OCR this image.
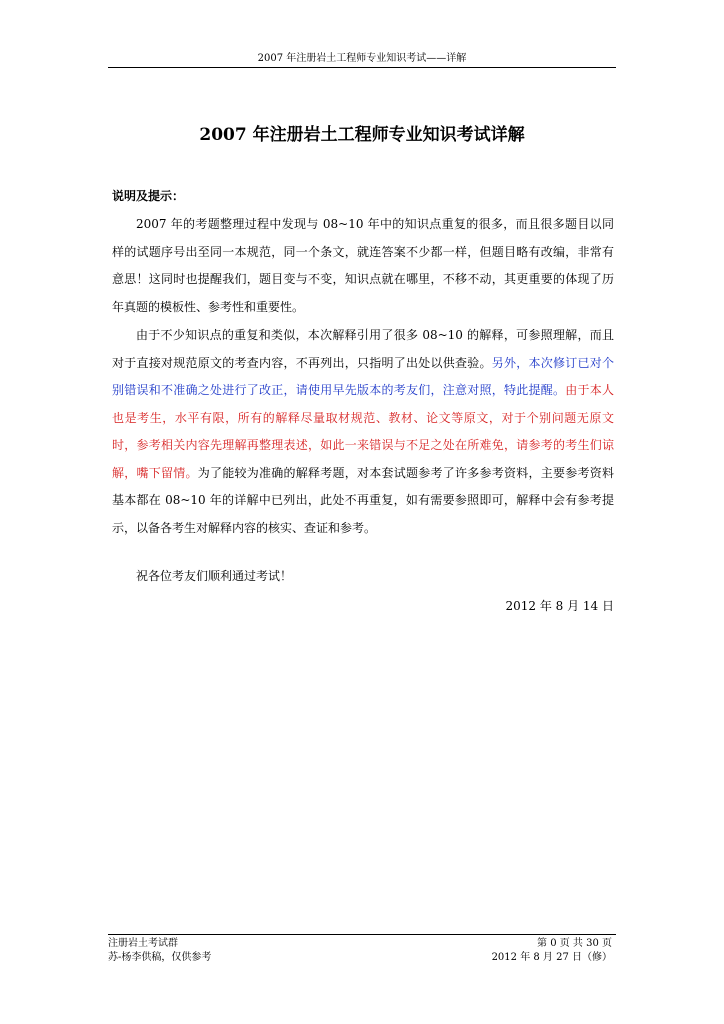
2007 年注册岩土工程师专业知识考试——详解
2007 年注册岩土工程师专业知识考试详解
说明及提示：

2007 年的考题整理过程中发现与 08~10 年中的知识点重复的很多，而且很多题目以同样的试题序号出至同一本规范，同一个条文，就连答案不少都一样，但题目略有改编，非常有意思！这同时也提醒我们，题目变与不变，知识点就在哪里，不移不动，其更重要的体现了历年真题的模板性、参考性和重要性。

由于不少知识点的重复和类似，本次解释引用了很多 08~10 的解释，可参照理解，而且对于直接对规范原文的考查内容，不再列出，只指明了出处以供查验。另外，本次修订已对个别错误和不准确之处进行了改正，请使用早先版本的考友们，注意对照，特此提醒。由于本人也是考生，水平有限，所有的解释尽量取材规范、教材、论文等原文，对于个别问题无原文时，参考相关内容先理解再整理表述，如此一来错误与不足之处在所难免，请参考的考生们谅解，嘴下留情。为了能较为准确的解释考题，对本套试题参考了许多参考资料，主要参考资料基本都在 08~10 年的详解中已列出，此处不再重复，如有需要参照即可，解释中会有参考提示，以备各考生对解释内容的核实、查证和参考。

祝各位考友们顺利通过考试！
2012 年 8 月 14 日
注册岩土考试群	第 0 页 共 30 页
苏-杨李供稿，仅供参考	2012 年 8 月 27 日（修）
